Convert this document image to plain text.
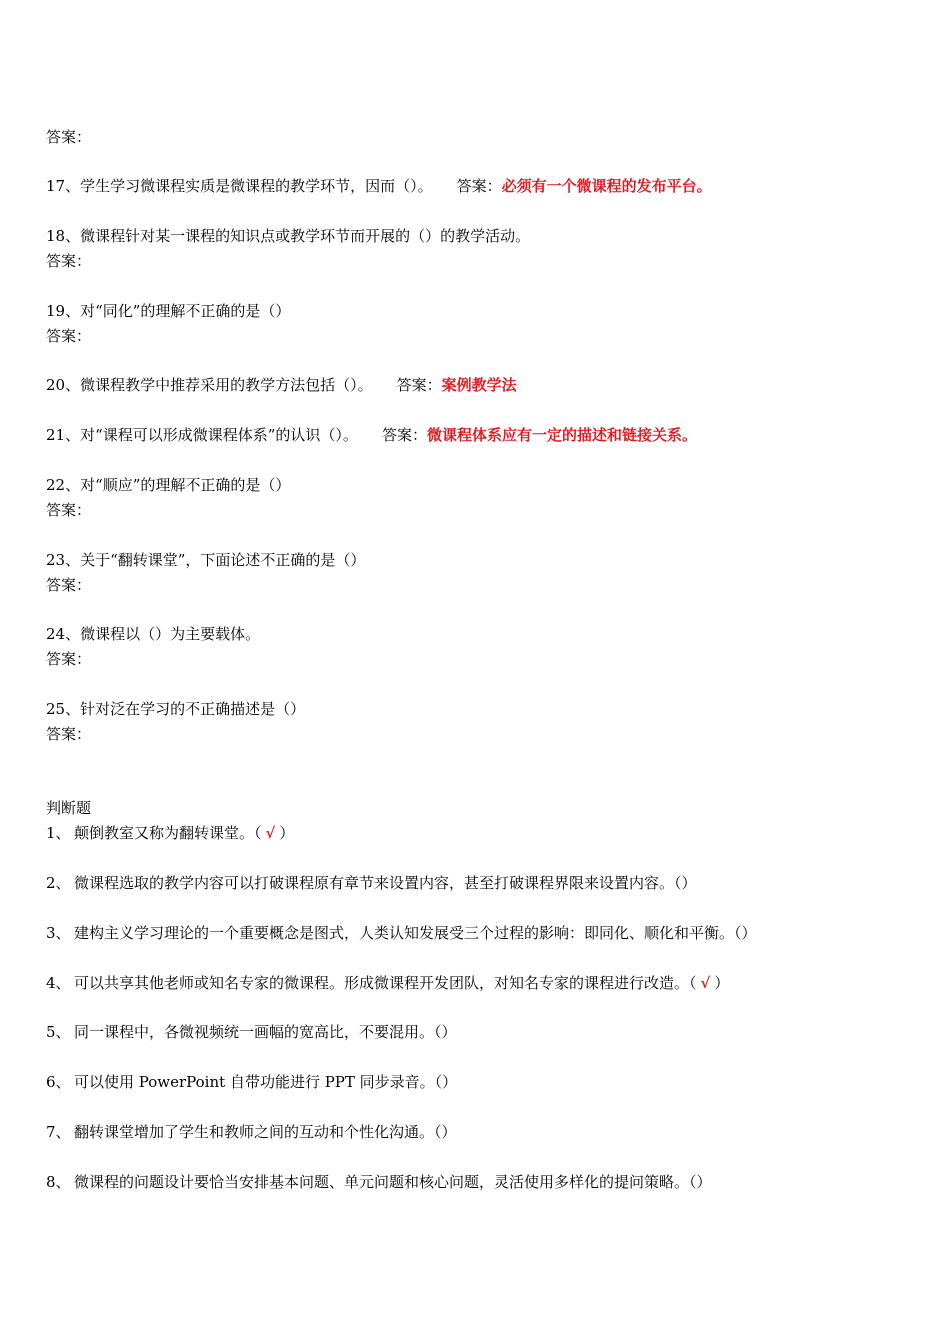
答案：
17、学生学习微课程实质是微课程的教学环节，因而（）。 答案：必须有一个微课程的发布平台。
18、微课程针对某一课程的知识点或教学环节而开展的（）的教学活动。
答案：
19、对“同化”的理解不正确的是（）
答案：
20、微课程教学中推荐采用的教学方法包括（）。 答案：案例教学法
21、对“课程可以形成微课程体系”的认识（）。 答案：微课程体系应有一定的描述和链接关系。
22、对“顺应”的理解不正确的是（）
答案：
23、关于“翻转课堂”，下面论述不正确的是（）
答案：
24、微课程以（）为主要载体。
答案：
25、针对泛在学习的不正确描述是（）
答案：
判断题
1、 颠倒教室又称为翻转课堂。（ √ ）
2、 微课程选取的教学内容可以打破课程原有章节来设置内容，甚至打破课程界限来设置内容。（）
3、 建构主义学习理论的一个重要概念是图式，人类认知发展受三个过程的影响：即同化、顺化和平衡。（）
4、 可以共享其他老师或知名专家的微课程。形成微课程开发团队，对知名专家的课程进行改造。（ √ ）
5、 同一课程中，各微视频统一画幅的宽高比，不要混用。（）
6、 可以使用 PowerPoint 自带功能进行 PPT 同步录音。（）
7、 翻转课堂增加了学生和教师之间的互动和个性化沟通。（）
8、 微课程的问题设计要恰当安排基本问题、单元问题和核心问题，灵活使用多样化的提问策略。（）
